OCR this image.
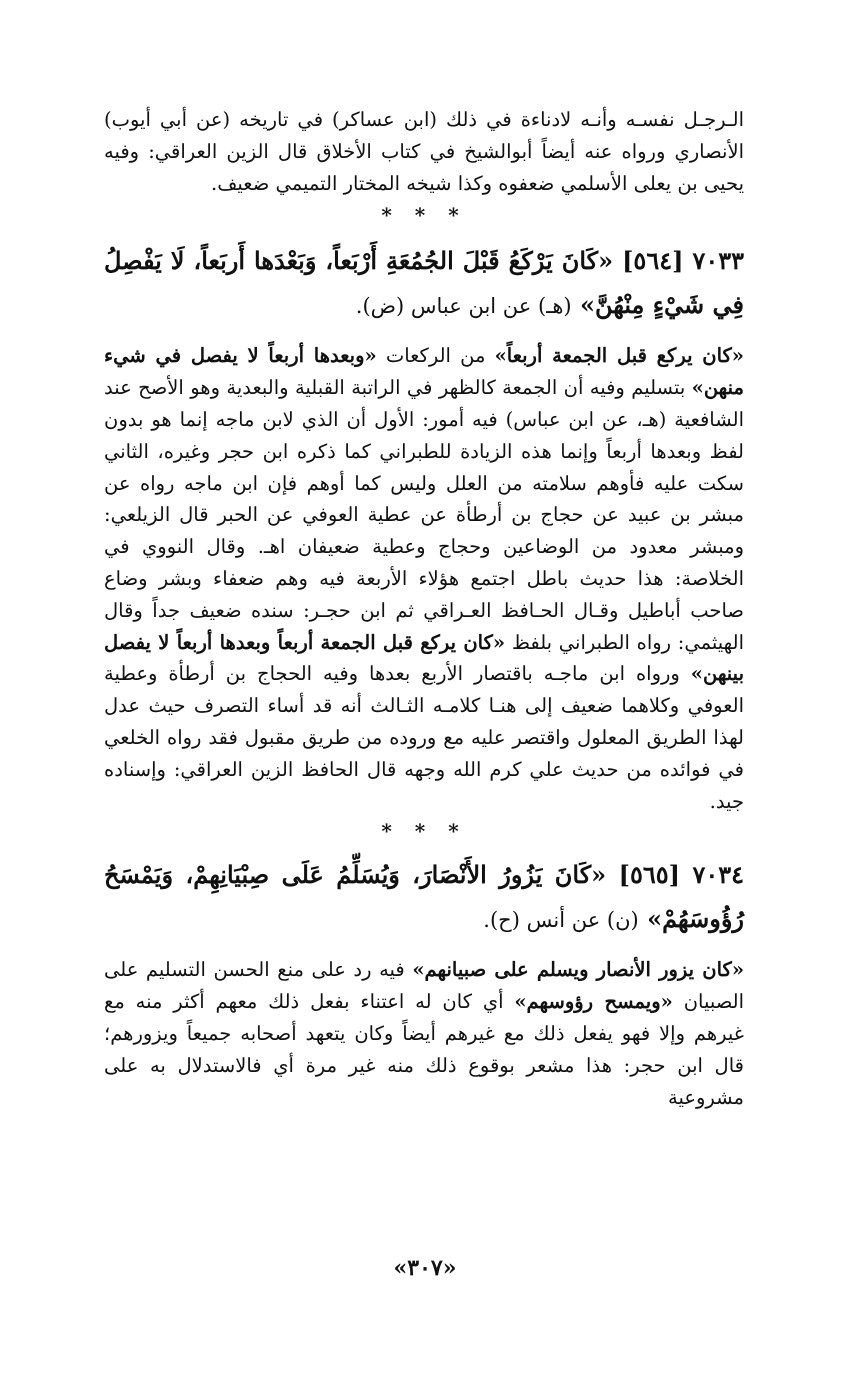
الـرجـل نفسـه وأنـه لادناءة في ذلك (ابن عساكر) في تاريخه (عن أبي أيوب) الأنصاري ورواه عنه أيضاً أبوالشيخ في كتاب الأخلاق قال الزين العراقي: وفيه يحيى بن يعلى الأسلمي ضعفوه وكذا شيخه المختار التميمي ضعيف.

* * *

٧٠٣٣ [٥٦٤] «كَانَ يَرْكَعُ قَبْلَ الجُمُعَةِ أَرْبَعاً، وَبَعْدَها أَربَعاً، لَا يَفْصِلُ فِي شَيْءٍ مِنْهُنَّ» (هـ) عن ابن عباس (ض).

«كان يركع قبل الجمعة أربعاً» من الركعات «وبعدها أربعاً لا يفصل في شيء منهن» بتسليم وفيه أن الجمعة كالظهر في الراتبة القبلية والبعدية وهو الأصح عند الشافعية (هـ، عن ابن عباس) فيه أمور: الأول أن الذي لابن ماجه إنما هو بدون لفظ وبعدها أربعاً وإنما هذه الزيادة للطبراني كما ذكره ابن حجر وغيره، الثاني سكت عليه فأوهم سلامته من العلل وليس كما أوهم فإن ابن ماجه رواه عن مبشر بن عبيد عن حجاج بن أرطأة عن عطية العوفي عن الحبر قال الزيلعي: ومبشر معدود من الوضاعين وحجاج وعطية ضعيفان اهـ. وقال النووي في الخلاصة: هذا حديث باطل اجتمع هؤلاء الأربعة فيه وهم ضعفاء وبشر وضاع صاحب أباطيل وقـال الحـافظ العـراقي ثم ابن حجـر: سنده ضعيف جداً وقال الهيثمي: رواه الطبراني بلفظ «كان يركع قبل الجمعة أربعاً وبعدها أربعاً لا يفصل بينهن» ورواه ابن ماجـه باقتصار الأربع بعدها وفيه الحجاج بن أرطأة وعطية العوفي وكلاهما ضعيف إلى هنـا كلامـه الثـالث أنه قد أساء التصرف حيث عدل لهذا الطريق المعلول واقتصر عليه مع وروده من طريق مقبول فقد رواه الخلعي في فوائده من حديث علي كرم الله وجهه قال الحافظ الزين العراقي: وإسناده جيد.

* * *

٧٠٣٤ [٥٦٥] «كَانَ يَزُورُ الأَنْصَارَ، وَيُسَلِّمُ عَلَى صِبْيَانِهِمْ، وَيَمْسَحُ رُؤُوسَهُمْ» (ن) عن أنس (ح).

«كان يزور الأنصار ويسلم على صبيانهم» فيه رد على منع الحسن التسليم على الصبيان «ويمسح رؤوسهم» أي كان له اعتناء بفعل ذلك معهم أكثر منه مع غيرهم وإلا فهو يفعل ذلك مع غيرهم أيضاً وكان يتعهد أصحابه جميعاً ويزورهم؛ قال ابن حجر: هذا مشعر بوقوع ذلك منه غير مرة أي فالاستدلال به على مشروعية

«٣٠٧»
